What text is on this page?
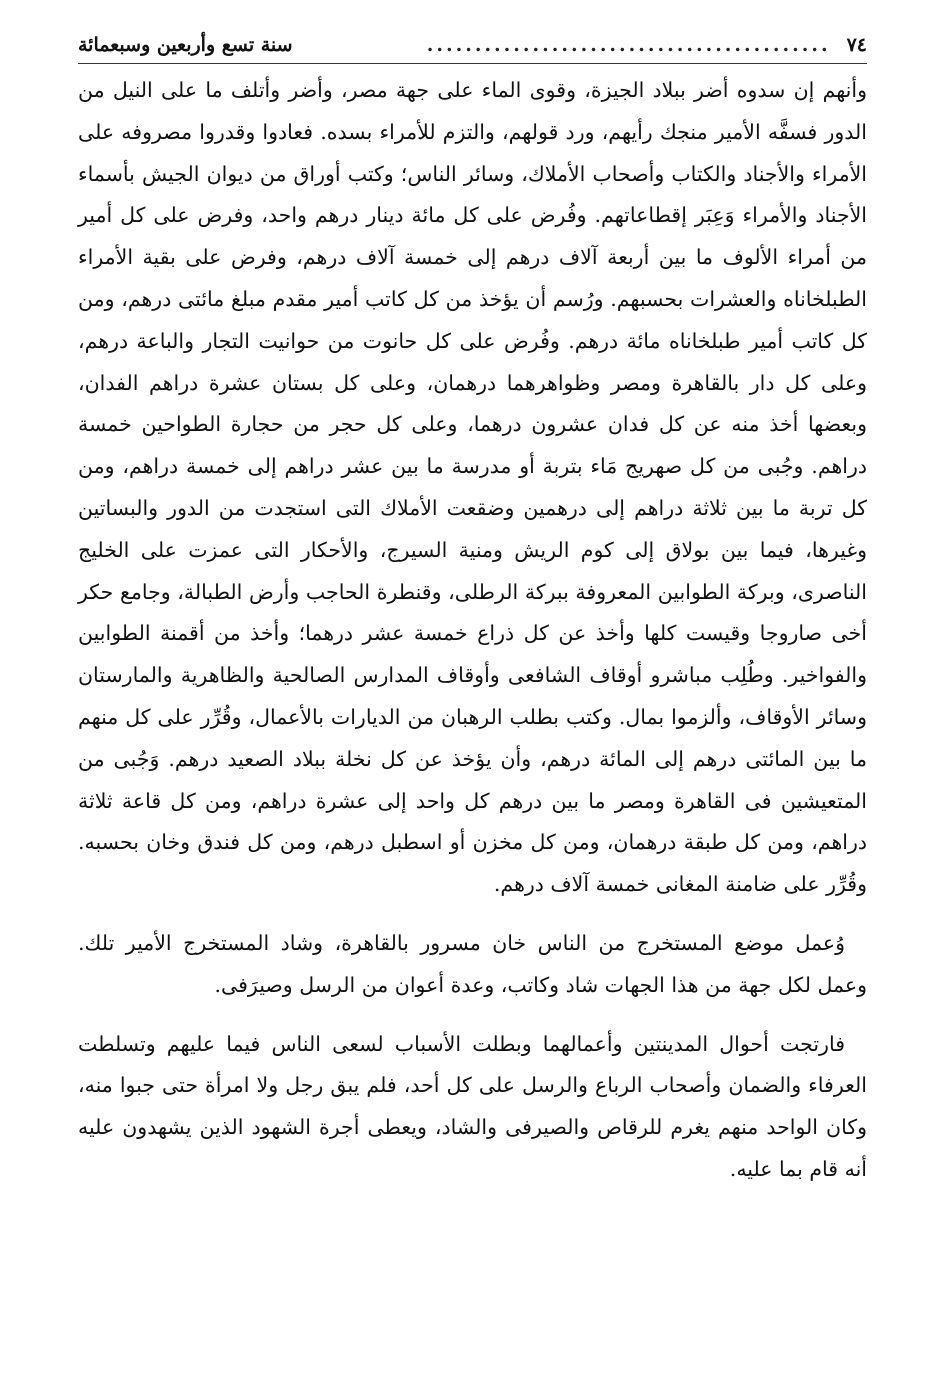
٧٤
..........................................
سنة تسع وأربعين وسبعمائة

وأنهم إن سدوه أضر ببلاد الجيزة، وقوى الماء على جهة مصر، وأضر وأتلف ما على النيل من الدور فسفَّه الأمير منجك رأيهم، ورد قولهم، والتزم للأمراء بسده. فعادوا وقدروا مصروفه على الأمراء والأجناد والكتاب وأصحاب الأملاك، وسائر الناس؛ وكتب أوراق من ديوان الجيش بأسماء الأجناد والأمراء وَعِبَر إقطاعاتهم. وفُرض على كل مائة دينار درهم واحد، وفرض على كل أمير من أمراء الألوف ما بين أربعة آلاف درهم إلى خمسة آلاف درهم، وفرض على بقية الأمراء الطبلخاناه والعشرات بحسبهم. ورُسم أن يؤخذ من كل كاتب أمير مقدم مبلغ مائتى درهم، ومن كل كاتب أمير طبلخاناه مائة درهم. وفُرض على كل حانوت من حوانيت التجار والباعة درهم، وعلى كل دار بالقاهرة ومصر وظواهرهما درهمان، وعلى كل بستان عشرة دراهم الفدان، وبعضها أخذ منه عن كل فدان عشرون درهما، وعلى كل حجر من حجارة الطواحين خمسة دراهم. وجُبى من كل صهريج مَاء بتربة أو مدرسة ما بين عشر دراهم إلى خمسة دراهم، ومن كل تربة ما بين ثلاثة دراهم إلى درهمين وضقعت الأملاك التى استجدت من الدور والبساتين وغيرها، فيما بين بولاق إلى كوم الريش ومنية السيرج، والأحكار التى عمزت على الخليج الناصرى، وبركة الطوابين المعروفة ببركة الرطلى، وقنطرة الحاجب وأرض الطبالة، وجامع حكر أخى صاروجا وقيست كلها وأخذ عن كل ذراع خمسة عشر درهما؛ وأخذ من أقمنة الطوابين والفواخير. وطُلِب مباشرو أوقاف الشافعى وأوقاف المدارس الصالحية والظاهرية والمارستان وسائر الأوقاف، وألزموا بمال. وكتب بطلب الرهبان من الديارات بالأعمال، وقُرِّر على كل منهم ما بين المائتى درهم إلى المائة درهم، وأن يؤخذ عن كل نخلة ببلاد الصعيد درهم. وَجُبى من المتعيشين فى القاهرة ومصر ما بين درهم كل واحد إلى عشرة دراهم، ومن كل قاعة ثلاثة دراهم، ومن كل طبقة درهمان، ومن كل مخزن أو اسطبل درهم، ومن كل فندق وخان بحسبه. وقُرِّر على ضامنة المغانى خمسة آلاف درهم.

وُعمل موضع المستخرج من الناس خان مسرور بالقاهرة، وشاد المستخرج الأمير تلك. وعمل لكل جهة من هذا الجهات شاد وكاتب، وعدة أعوان من الرسل وصيرَفى.

فارتجت أحوال المدينتين وأعمالهما وبطلت الأسباب لسعى الناس فيما عليهم وتسلطت العرفاء والضمان وأصحاب الرباع والرسل على كل أحد، فلم يبق رجل ولا امرأة حتى جبوا منه، وكان الواحد منهم يغرم للرقاص والصيرفى والشاد، ويعطى أجرة الشهود الذين يشهدون عليه أنه قام بما عليه.
